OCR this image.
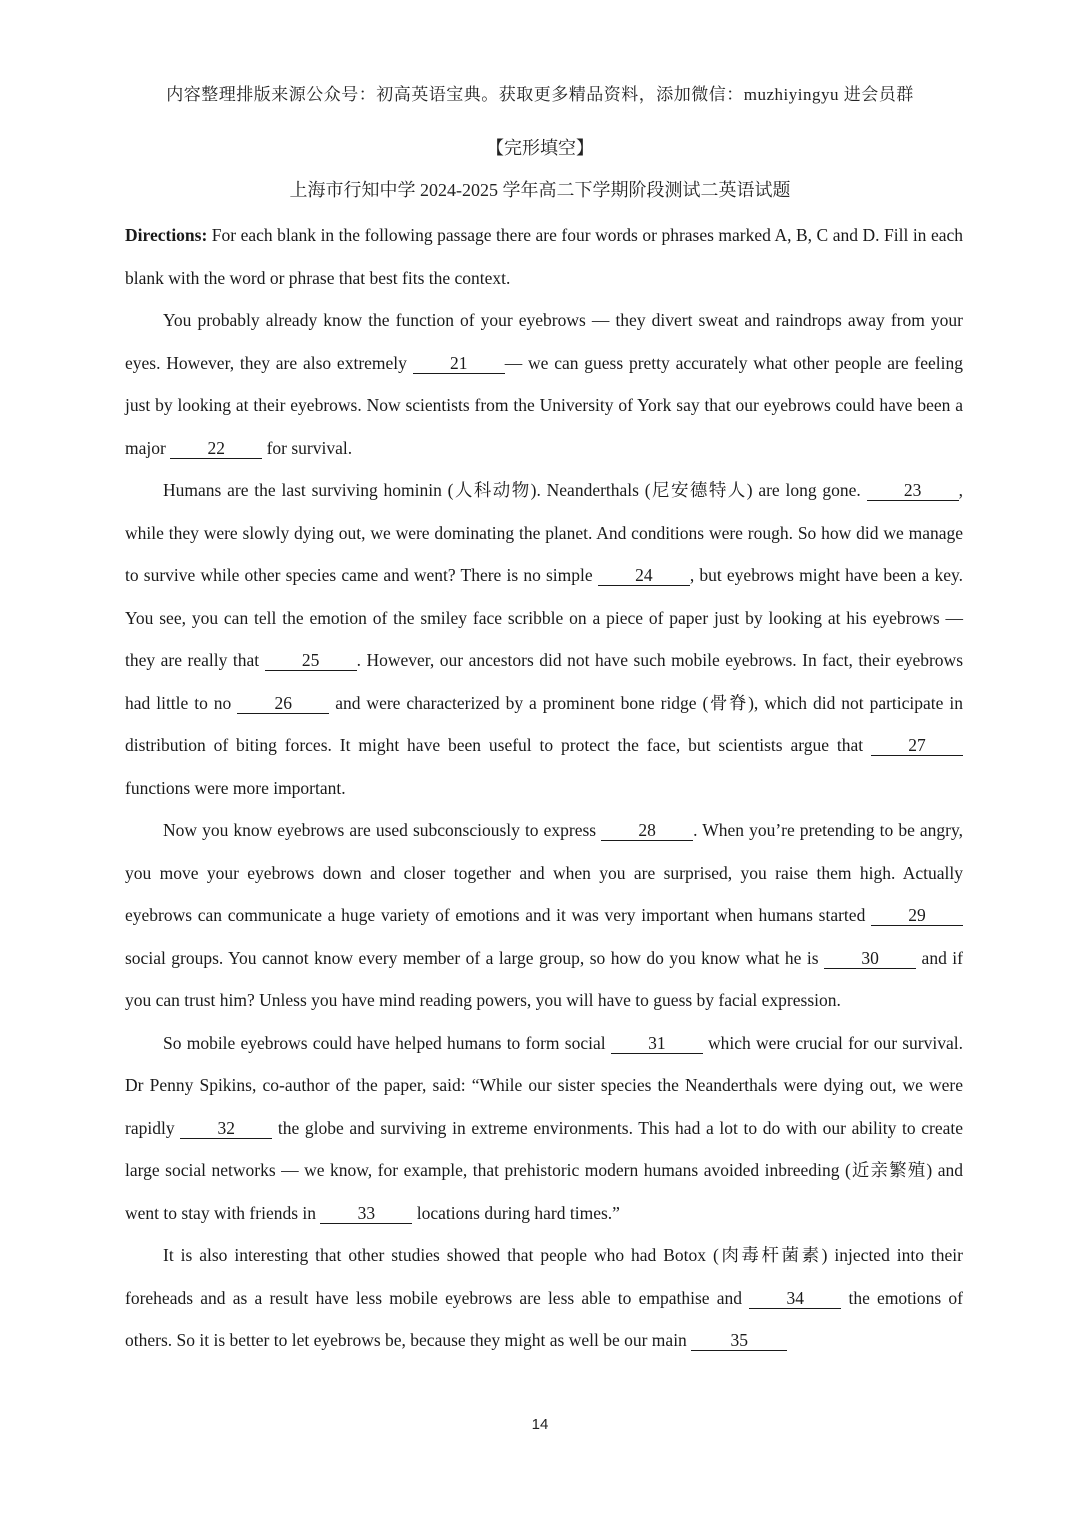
内容整理排版来源公众号：初高英语宝典。获取更多精品资料，添加微信：muzhiyingyu 进会员群
【完形填空】
上海市行知中学 2024-2025 学年高二下学期阶段测试二英语试题

Directions: For each blank in the following passage there are four words or phrases marked A, B, C and D. Fill in each blank with the word or phrase that best fits the context.

You probably already know the function of your eyebrows — they divert sweat and raindrops away from your eyes. However, they are also extremely 21 — we can guess pretty accurately what other people are feeling just by looking at their eyebrows. Now scientists from the University of York say that our eyebrows could have been a major 22 for survival.

Humans are the last surviving hominin (人科动物). Neanderthals (尼安德特人) are long gone. 23 , while they were slowly dying out, we were dominating the planet. And conditions were rough. So how did we manage to survive while other species came and went? There is no simple 24 , but eyebrows might have been a key. You see, you can tell the emotion of the smiley face scribble on a piece of paper just by looking at his eyebrows — they are really that 25 . However, our ancestors did not have such mobile eyebrows. In fact, their eyebrows had little to no 26 and were characterized by a prominent bone ridge (骨脊), which did not participate in distribution of biting forces. It might have been useful to protect the face, but scientists argue that 27 functions were more important.

Now you know eyebrows are used subconsciously to express 28 . When you’re pretending to be angry, you move your eyebrows down and closer together and when you are surprised, you raise them high. Actually eyebrows can communicate a huge variety of emotions and it was very important when humans started 29 social groups. You cannot know every member of a large group, so how do you know what he is 30 and if you can trust him? Unless you have mind reading powers, you will have to guess by facial expression.

So mobile eyebrows could have helped humans to form social 31 which were crucial for our survival. Dr Penny Spikins, co-author of the paper, said: “While our sister species the Neanderthals were dying out, we were rapidly 32 the globe and surviving in extreme environments. This had a lot to do with our ability to create large social networks — we know, for example, that prehistoric modern humans avoided inbreeding (近亲繁殖) and went to stay with friends in 33 locations during hard times.”

It is also interesting that other studies showed that people who had Botox (肉毒杆菌素) injected into their foreheads and as a result have less mobile eyebrows are less able to empathise and 34 the emotions of others. So it is better to let eyebrows be, because they might as well be our main 35

14
